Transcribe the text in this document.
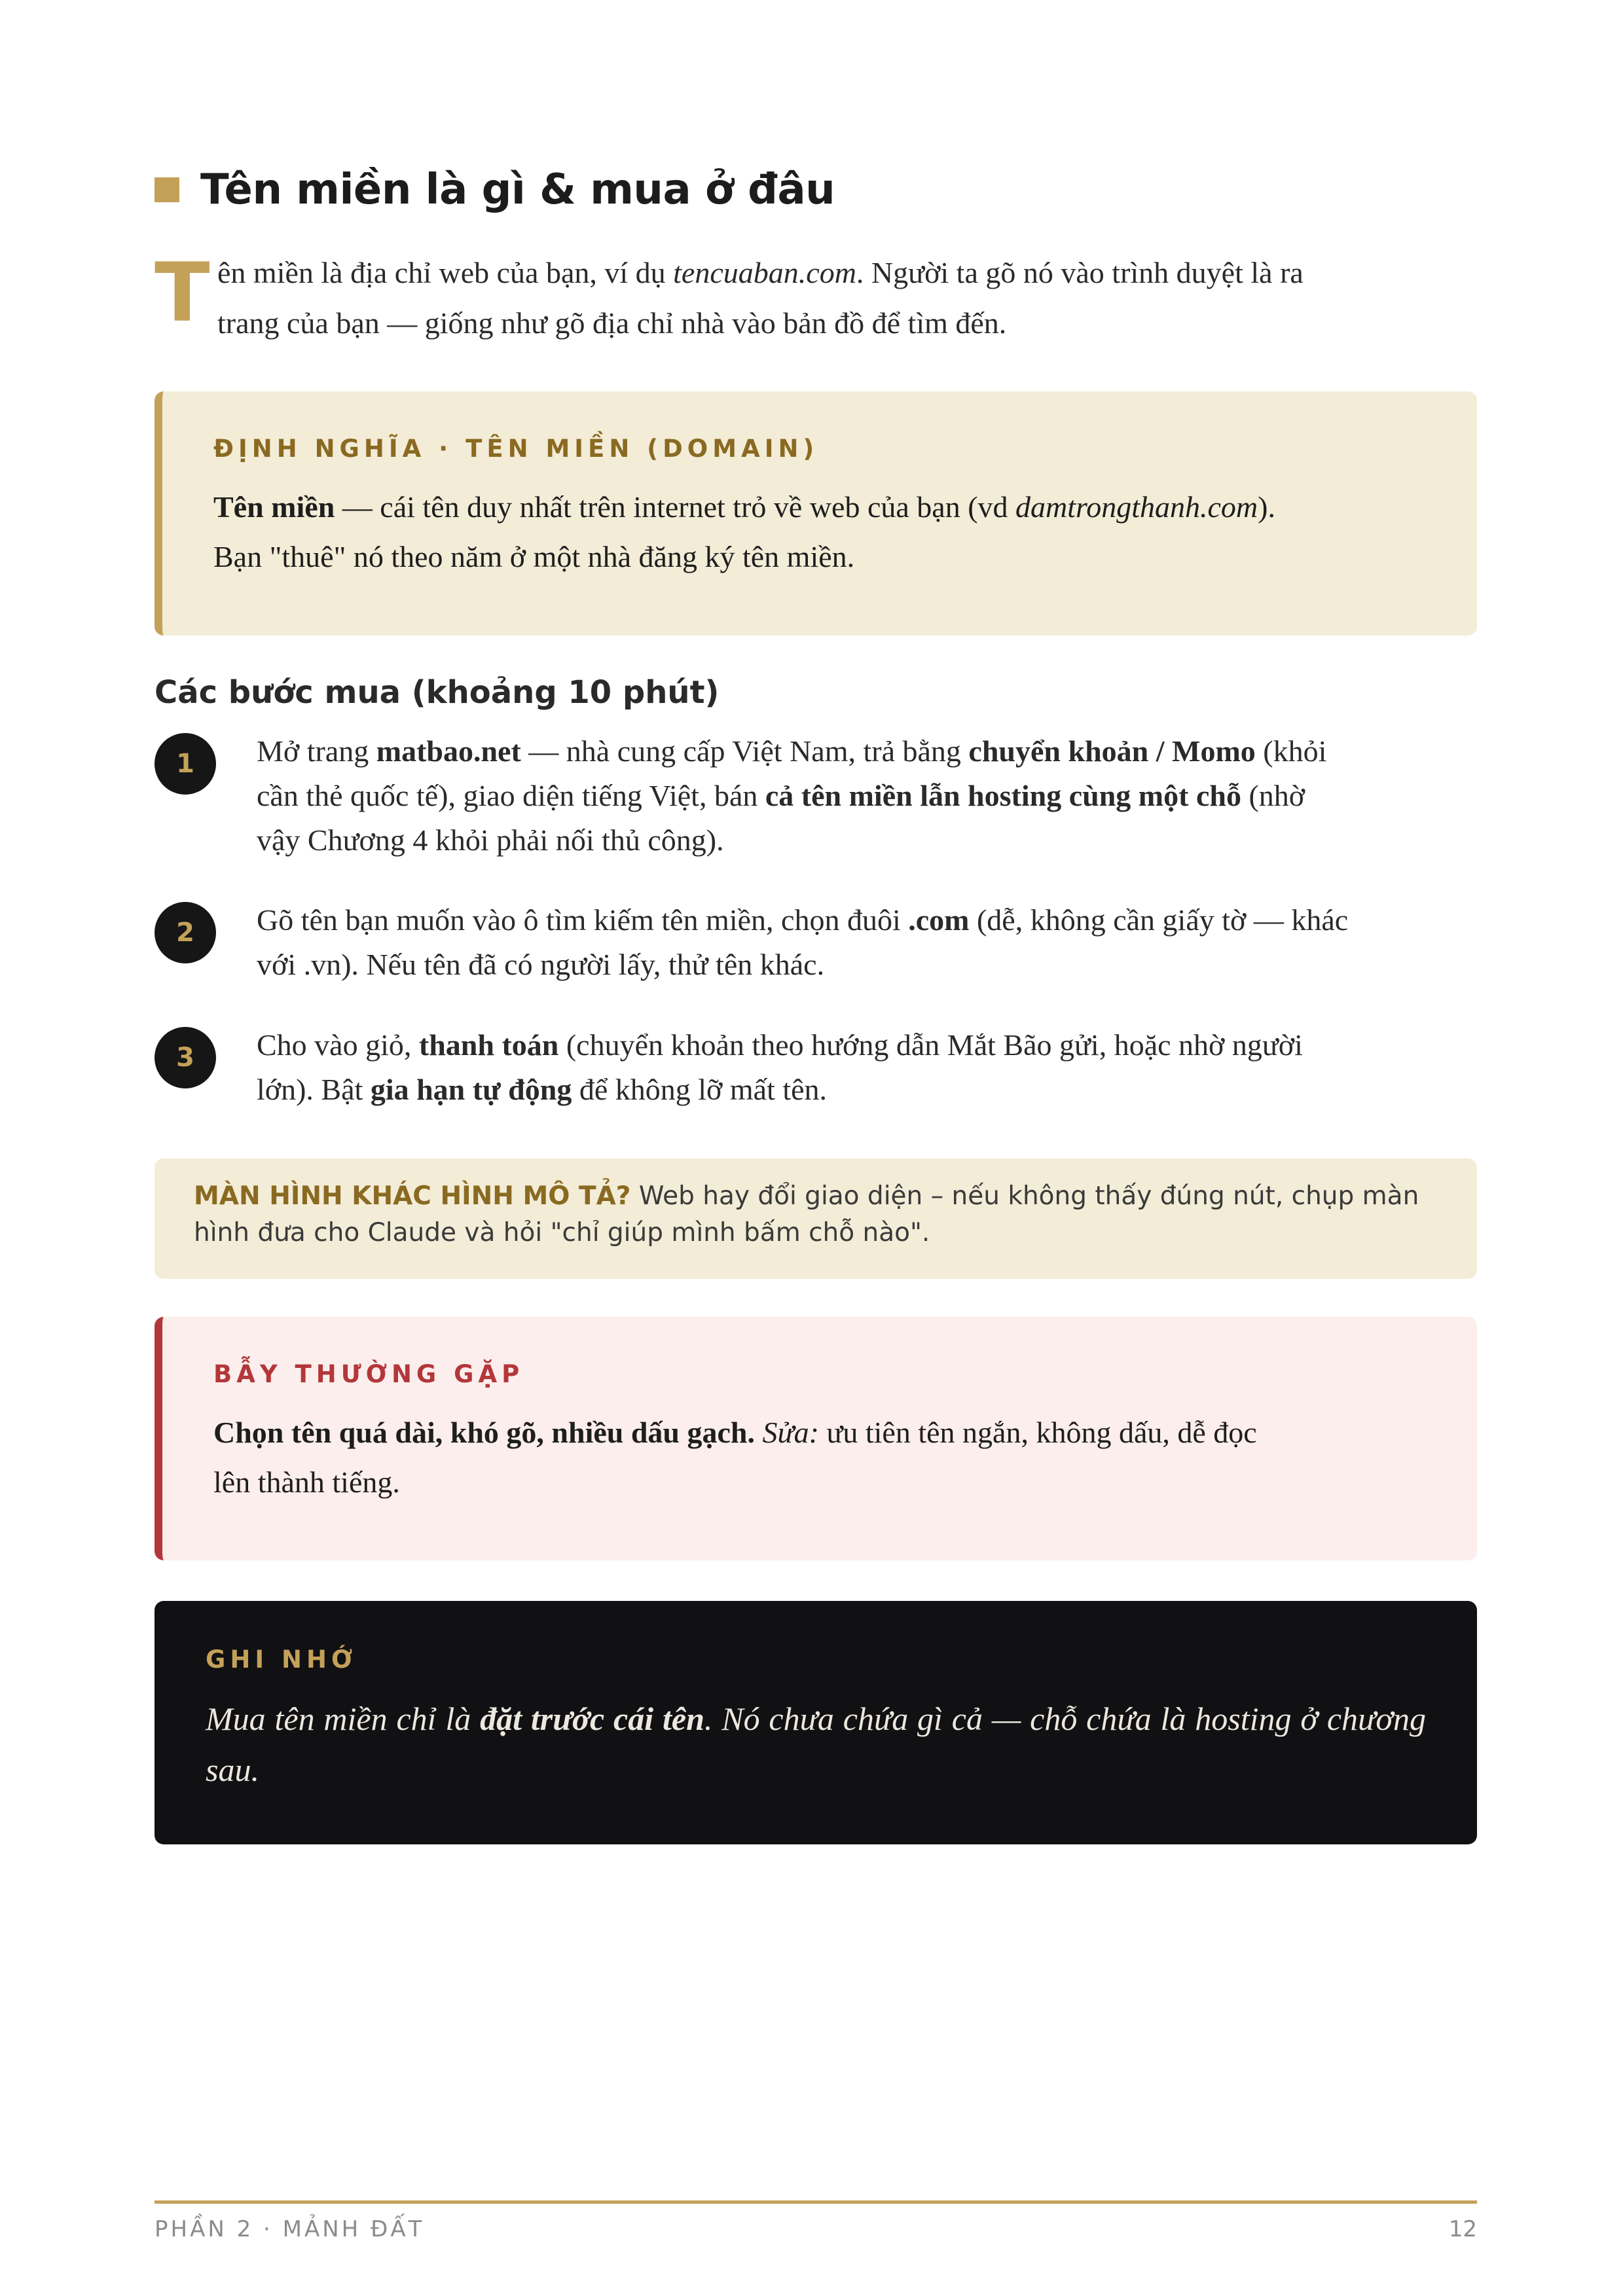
Tên miền là gì & mua ở đâu
T ên miền là địa chỉ web của bạn, ví dụ tencuaban.com. Người ta gõ nó vào trình duyệt là ra
trang của bạn — giống như gõ địa chỉ nhà vào bản đồ để tìm đến.
ĐỊNH NGHĨA · TÊN MIỀN (DOMAIN)
Tên miền — cái tên duy nhất trên internet trỏ về web của bạn (vd damtrongthanh.com).
Bạn "thuê" nó theo năm ở một nhà đăng ký tên miền.
Các bước mua (khoảng 10 phút)
1	Mở trang matbao.net — nhà cung cấp Việt Nam, trả bằng chuyển khoản / Momo (khỏi
cần thẻ quốc tế), giao diện tiếng Việt, bán cả tên miền lẫn hosting cùng một chỗ (nhờ
vậy Chương 4 khỏi phải nối thủ công).
2	Gõ tên bạn muốn vào ô tìm kiếm tên miền, chọn đuôi .com (dễ, không cần giấy tờ — khác
với .vn). Nếu tên đã có người lấy, thử tên khác.
3	Cho vào giỏ, thanh toán (chuyển khoản theo hướng dẫn Mắt Bão gửi, hoặc nhờ người
lớn). Bật gia hạn tự động để không lỡ mất tên.
MÀN HÌNH KHÁC HÌNH MÔ TẢ? Web hay đổi giao diện – nếu không thấy đúng nút, chụp màn
hình đưa cho Claude và hỏi "chỉ giúp mình bấm chỗ nào".
BẪY THƯỜNG GẶP
Chọn tên quá dài, khó gõ, nhiều dấu gạch. Sửa: ưu tiên tên ngắn, không dấu, dễ đọc
lên thành tiếng.
GHI NHỚ
Mua tên miền chỉ là đặt trước cái tên. Nó chưa chứa gì cả — chỗ chứa là hosting ở chương sau.
PHẦN 2 · MẢNH ĐẤT	12
